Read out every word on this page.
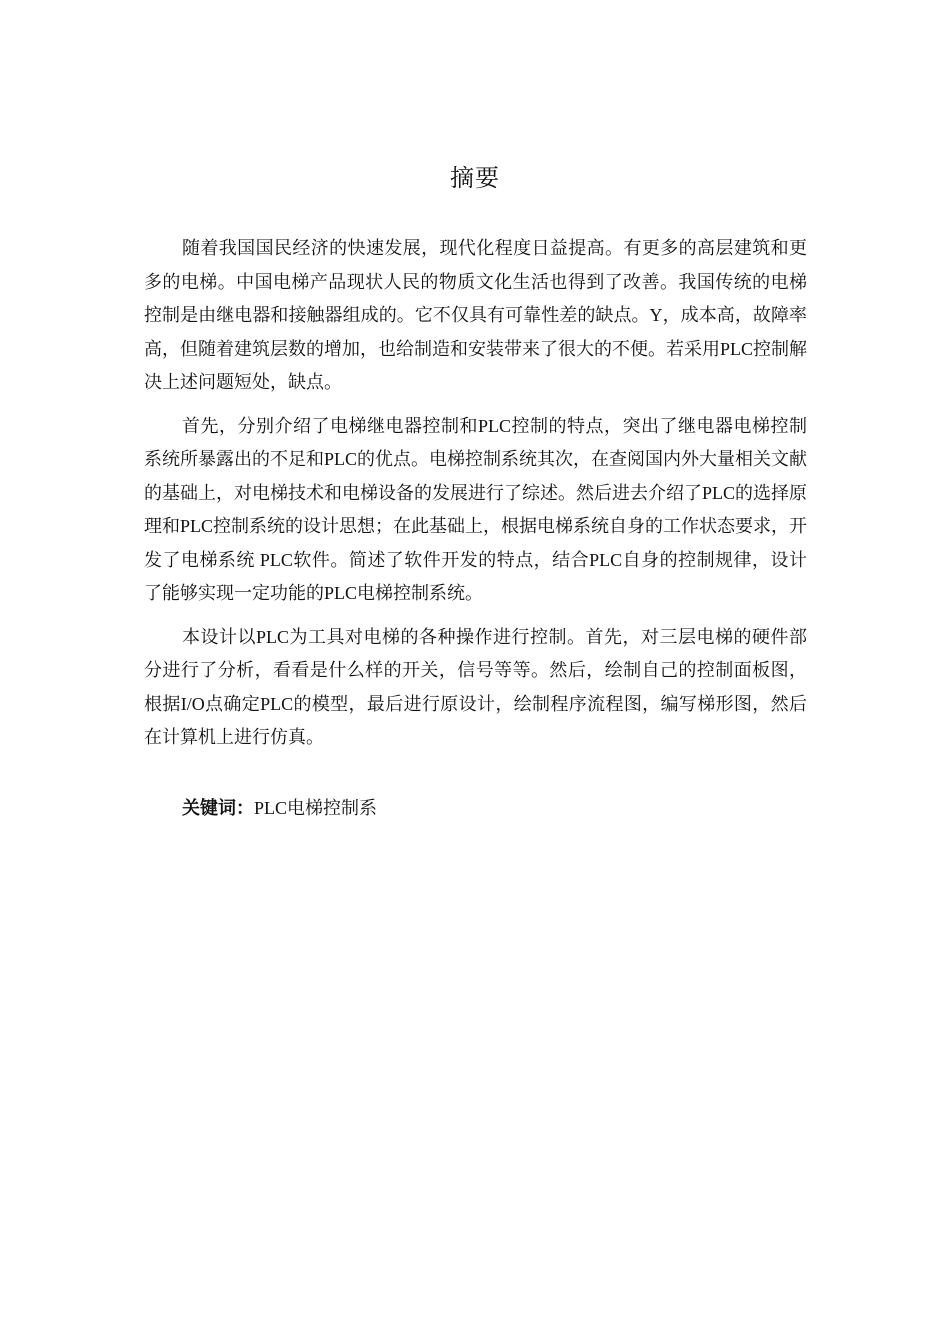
摘要

随着我国国民经济的快速发展，现代化程度日益提高。有更多的高层建筑和更多的电梯。中国电梯产品现状人民的物质文化生活也得到了改善。我国传统的电梯控制是由继电器和接触器组成的。它不仅具有可靠性差的缺点。Y，成本高，故障率高，但随着建筑层数的增加，也给制造和安装带来了很大的不便。若采用PLC控制解决上述问题短处，缺点。

首先，分别介绍了电梯继电器控制和PLC控制的特点，突出了继电器电梯控制系统所暴露出的不足和PLC的优点。电梯控制系统其次，在查阅国内外大量相关文献的基础上，对电梯技术和电梯设备的发展进行了综述。然后进去介绍了PLC的选择原理和PLC控制系统的设计思想；在此基础上，根据电梯系统自身的工作状态要求，开发了电梯系统 PLC软件。简述了软件开发的特点，结合PLC自身的控制规律，设计了能够实现一定功能的PLC电梯控制系统。

本设计以PLC为工具对电梯的各种操作进行控制。首先，对三层电梯的硬件部分进行了分析，看看是什么样的开关，信号等等。然后，绘制自己的控制面板图，根据I/O点确定PLC的模型，最后进行原设计，绘制程序流程图，编写梯形图，然后在计算机上进行仿真。

关键词：PLC电梯控制系
